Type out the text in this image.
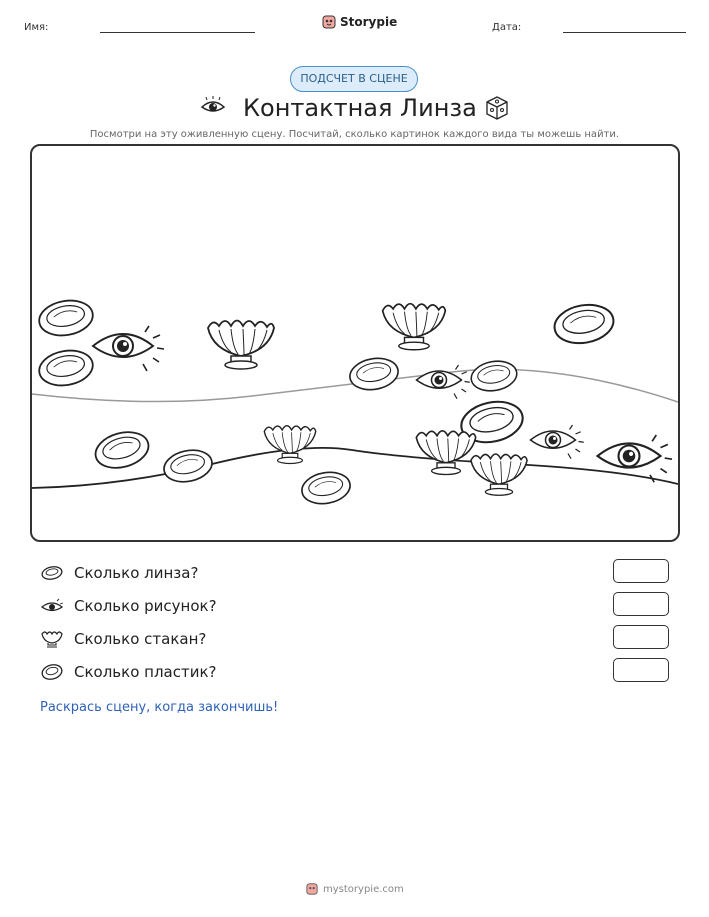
Имя:	Storypie	Дата:
ПОДСЧЕТ В СЦЕНЕ
Контактная Линза
Посмотри на эту оживленную сцену. Посчитай, сколько картинок каждого вида ты можешь найти.
Сколько линза?
Сколько рисунок?
Сколько стакан?
Сколько пластик?
Раскрась сцену, когда закончишь!
mystorypie.com
